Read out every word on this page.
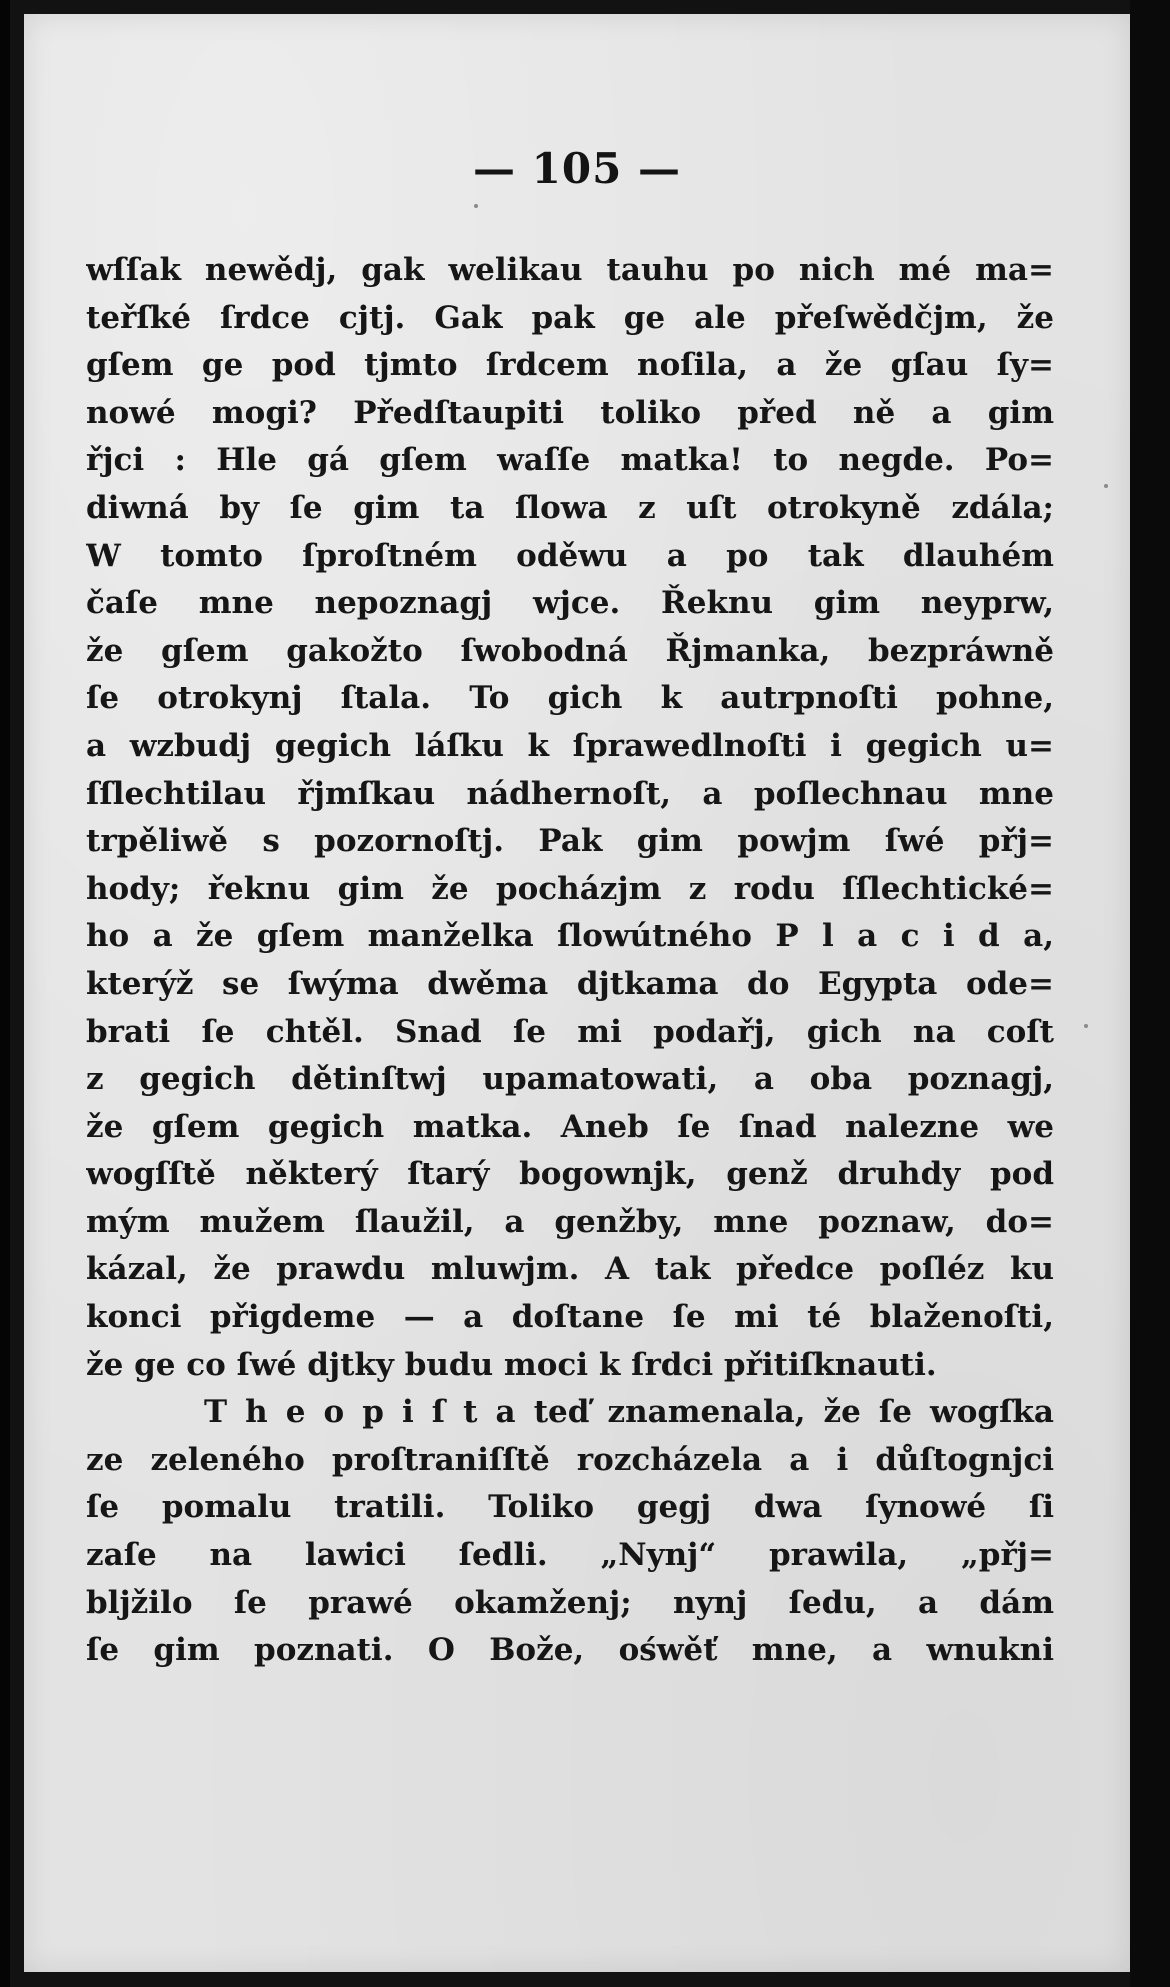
— 105 —
wſſak newědj, gak welikau tauhu po nich mé ma=
teřſké ſrdce cjtj. Gak pak ge ale přeſwědčjm, že
gſem ge pod tjmto ſrdcem noſila, a že gſau ſy=
nowé mogi? Předſtaupiti toliko před ně a gim
řjci : Hle gá gſem waſſe matka! to negde. Po=
diwná by ſe gim ta ſlowa z uſt otrokyně zdála;
W tomto ſproſtném oděwu a po tak dlauhém
čaſe mne nepoznagj wjce. Řeknu gim neyprw,
že gſem gakožto ſwobodná Řjmanka, bezpráwně
ſe otrokynj ſtala. To gich k autrpnoſti pohne,
a wzbudj gegich láſku k ſprawedlnoſti i gegich u=
ſſlechtilau řjmſkau nádhernoſt, a poſlechnau mne
trpěliwě s pozornoſtj. Pak gim powjm ſwé přj=
hody; řeknu gim že pocházjm z rodu ſſlechtické=
ho a že gſem manželka ſlowútného P l a c i d a,
kterýž se ſwýma dwěma djtkama do Egypta ode=
brati ſe chtěl. Snad ſe mi podařj, gich na coſt
z gegich dětinſtwj upamatowati, a oba poznagj,
že gſem gegich matka. Aneb ſe ſnad nalezne we
wogſſtě některý ſtarý bogownjk, genž druhdy pod
mým mužem ſlaužil, a genžby, mne poznaw, do=
kázal, že prawdu mluwjm. A tak předce poſléz ku
konci přigdeme — a doſtane ſe mi té blaženoſti,
že ge co ſwé djtky budu moci k ſrdci přitiſknauti.
T h e o p i ſ t a teď znamenala, že ſe wogſka
ze zeleného proſtraniſſtě rozcházela a i důſtognjci
ſe pomalu tratili. Toliko gegj dwa ſynowé ſi
zaſe na lawici ſedli. „Nynj“ prawila, „přj=
bljžilo ſe prawé okamženj; nynj ſedu, a dám
ſe gim poznati. O Bože, ośwěť mne, a wnukni
